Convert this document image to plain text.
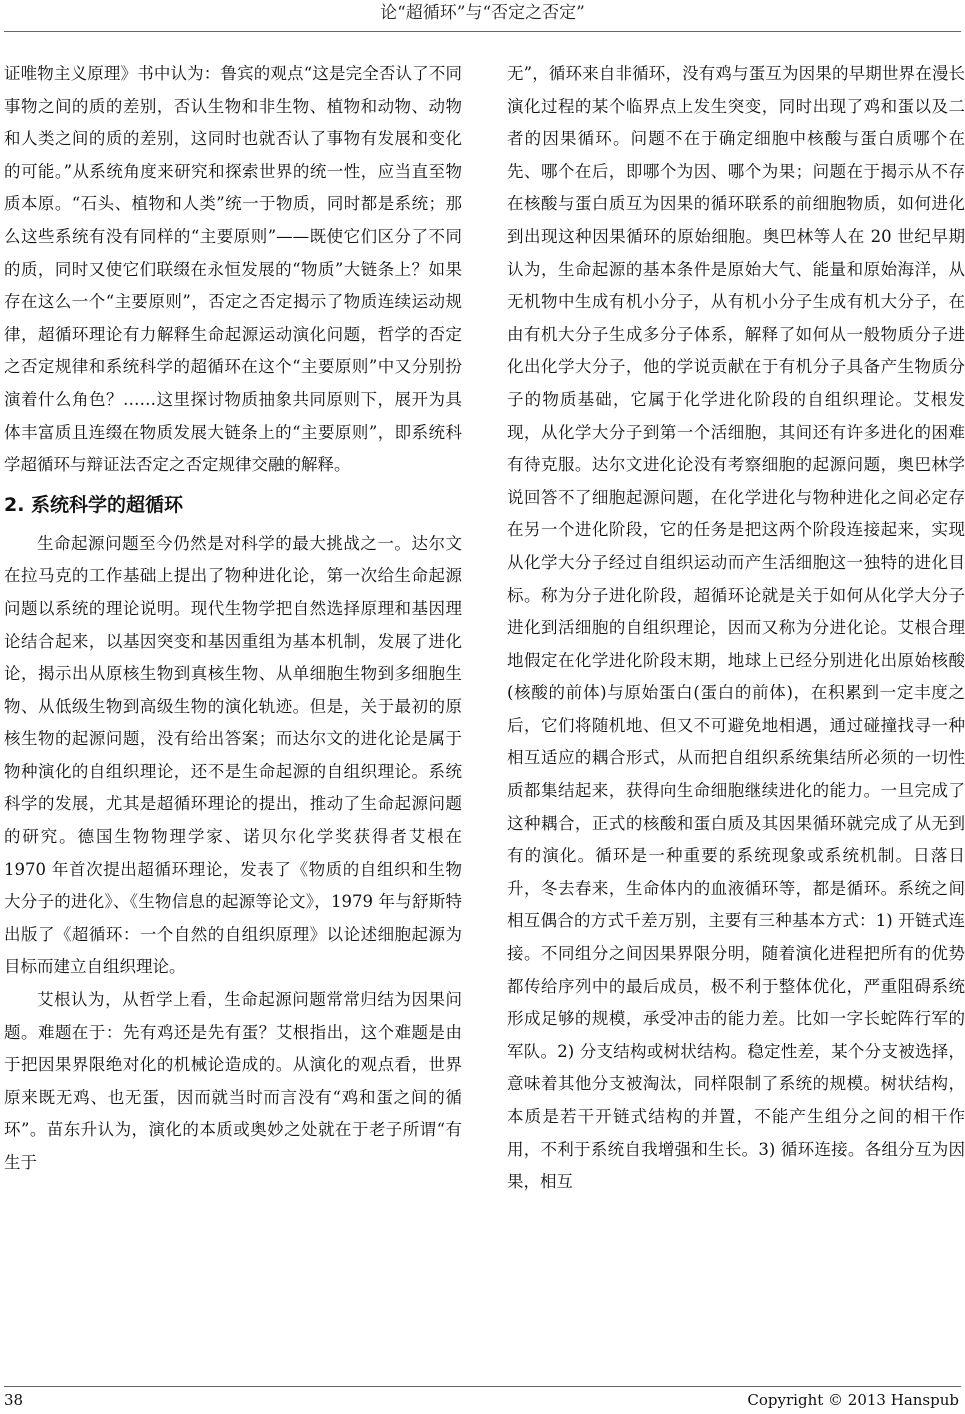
论“超循环”与“否定之否定”

证唯物主义原理》书中认为：鲁宾的观点“这是完全否认了不同事物之间的质的差别，否认生物和非生物、植物和动物、动物和人类之间的质的差别，这同时也就否认了事物有发展和变化的可能。”从系统角度来研究和探索世界的统一性，应当直至物质本原。“石头、植物和人类”统一于物质，同时都是系统；那么这些系统有没有同样的“主要原则”——既使它们区分了不同的质，同时又使它们联缀在永恒发展的“物质”大链条上？如果存在这么一个“主要原则”，否定之否定揭示了物质连续运动规律，超循环理论有力解释生命起源运动演化问题，哲学的否定之否定规律和系统科学的超循环在这个“主要原则”中又分别扮演着什么角色？……这里探讨物质抽象共同原则下，展开为具体丰富质且连缀在物质发展大链条上的“主要原则”，即系统科学超循环与辩证法否定之否定规律交融的解释。

2. 系统科学的超循环

生命起源问题至今仍然是对科学的最大挑战之一。达尔文在拉马克的工作基础上提出了物种进化论，第一次给生命起源问题以系统的理论说明。现代生物学把自然选择原理和基因理论结合起来，以基因突变和基因重组为基本机制，发展了进化论，揭示出从原核生物到真核生物、从单细胞生物到多细胞生物、从低级生物到高级生物的演化轨迹。但是，关于最初的原核生物的起源问题，没有给出答案；而达尔文的进化论是属于物种演化的自组织理论，还不是生命起源的自组织理论。系统科学的发展，尤其是超循环理论的提出，推动了生命起源问题的研究。德国生物物理学家、诺贝尔化学奖获得者艾根在 1970 年首次提出超循环理论，发表了《物质的自组织和生物大分子的进化》、《生物信息的起源等论文》，1979 年与舒斯特出版了《超循环：一个自然的自组织原理》以论述细胞起源为目标而建立自组织理论。

艾根认为，从哲学上看，生命起源问题常常归结为因果问题。难题在于：先有鸡还是先有蛋？艾根指出，这个难题是由于把因果界限绝对化的机械论造成的。从演化的观点看，世界原来既无鸡、也无蛋，因而就当时而言没有“鸡和蛋之间的循环”。苗东升认为，演化的本质或奥妙之处就在于老子所谓“有生于

无”，循环来自非循环，没有鸡与蛋互为因果的早期世界在漫长演化过程的某个临界点上发生突变，同时出现了鸡和蛋以及二者的因果循环。问题不在于确定细胞中核酸与蛋白质哪个在先、哪个在后，即哪个为因、哪个为果；问题在于揭示从不存在核酸与蛋白质互为因果的循环联系的前细胞物质，如何进化到出现这种因果循环的原始细胞。奥巴林等人在 20 世纪早期认为，生命起源的基本条件是原始大气、能量和原始海洋，从无机物中生成有机小分子，从有机小分子生成有机大分子，在由有机大分子生成多分子体系，解释了如何从一般物质分子进化出化学大分子，他的学说贡献在于有机分子具备产生物质分子的物质基础，它属于化学进化阶段的自组织理论。艾根发现，从化学大分子到第一个活细胞，其间还有许多进化的困难有待克服。达尔文进化论没有考察细胞的起源问题，奥巴林学说回答不了细胞起源问题，在化学进化与物种进化之间必定存在另一个进化阶段，它的任务是把这两个阶段连接起来，实现从化学大分子经过自组织运动而产生活细胞这一独特的进化目标。称为分子进化阶段，超循环论就是关于如何从化学大分子进化到活细胞的自组织理论，因而又称为分进化论。艾根合理地假定在化学进化阶段末期，地球上已经分别进化出原始核酸(核酸的前体)与原始蛋白(蛋白的前体)，在积累到一定丰度之后，它们将随机地、但又不可避免地相遇，通过碰撞找寻一种相互适应的耦合形式，从而把自组织系统集结所必须的一切性质都集结起来，获得向生命细胞继续进化的能力。一旦完成了这种耦合，正式的核酸和蛋白质及其因果循环就完成了从无到有的演化。循环是一种重要的系统现象或系统机制。日落日升，冬去春来，生命体内的血液循环等，都是循环。系统之间相互偶合的方式千差万别，主要有三种基本方式：1) 开链式连接。不同组分之间因果界限分明，随着演化进程把所有的优势都传给序列中的最后成员，极不利于整体优化，严重阻碍系统形成足够的规模，承受冲击的能力差。比如一字长蛇阵行军的军队。2) 分支结构或树状结构。稳定性差，某个分支被选择，意味着其他分支被淘汰，同样限制了系统的规模。树状结构，本质是若干开链式结构的并置，不能产生组分之间的相干作用，不利于系统自我增强和生长。3) 循环连接。各组分互为因果，相互

38	Copyright © 2013 Hanspub
